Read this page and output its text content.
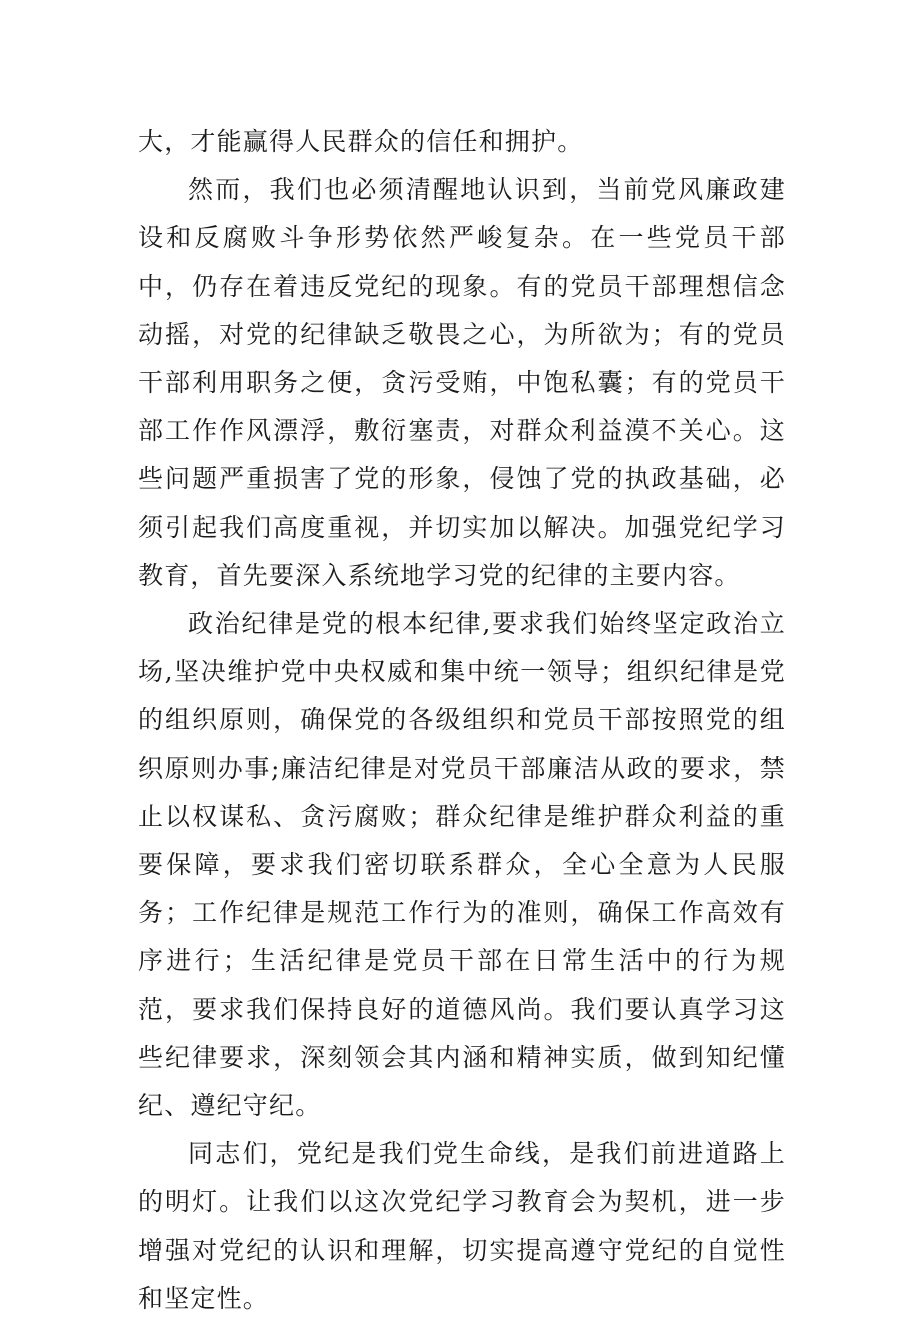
大，才能赢得人民群众的信任和拥护。

然而，我们也必须清醒地认识到，当前党风廉政建设和反腐败斗争形势依然严峻复杂。在一些党员干部中，仍存在着违反党纪的现象。有的党员干部理想信念动摇，对党的纪律缺乏敬畏之心，为所欲为；有的党员干部利用职务之便，贪污受贿，中饱私囊；有的党员干部工作作风漂浮，敷衍塞责，对群众利益漠不关心。这些问题严重损害了党的形象，侵蚀了党的执政基础，必须引起我们高度重视，并切实加以解决。加强党纪学习教育，首先要深入系统地学习党的纪律的主要内容。

政治纪律是党的根本纪律,要求我们始终坚定政治立场,坚决维护党中央权威和集中统一领导；组织纪律是党的组织原则，确保党的各级组织和党员干部按照党的组织原则办事;廉洁纪律是对党员干部廉洁从政的要求，禁止以权谋私、贪污腐败；群众纪律是维护群众利益的重要保障，要求我们密切联系群众，全心全意为人民服务；工作纪律是规范工作行为的准则，确保工作高效有序进行；生活纪律是党员干部在日常生活中的行为规范，要求我们保持良好的道德风尚。我们要认真学习这些纪律要求，深刻领会其内涵和精神实质，做到知纪懂纪、遵纪守纪。

同志们，党纪是我们党生命线，是我们前进道路上的明灯。让我们以这次党纪学习教育会为契机，进一步增强对党纪的认识和理解，切实提高遵守党纪的自觉性和坚定性。
